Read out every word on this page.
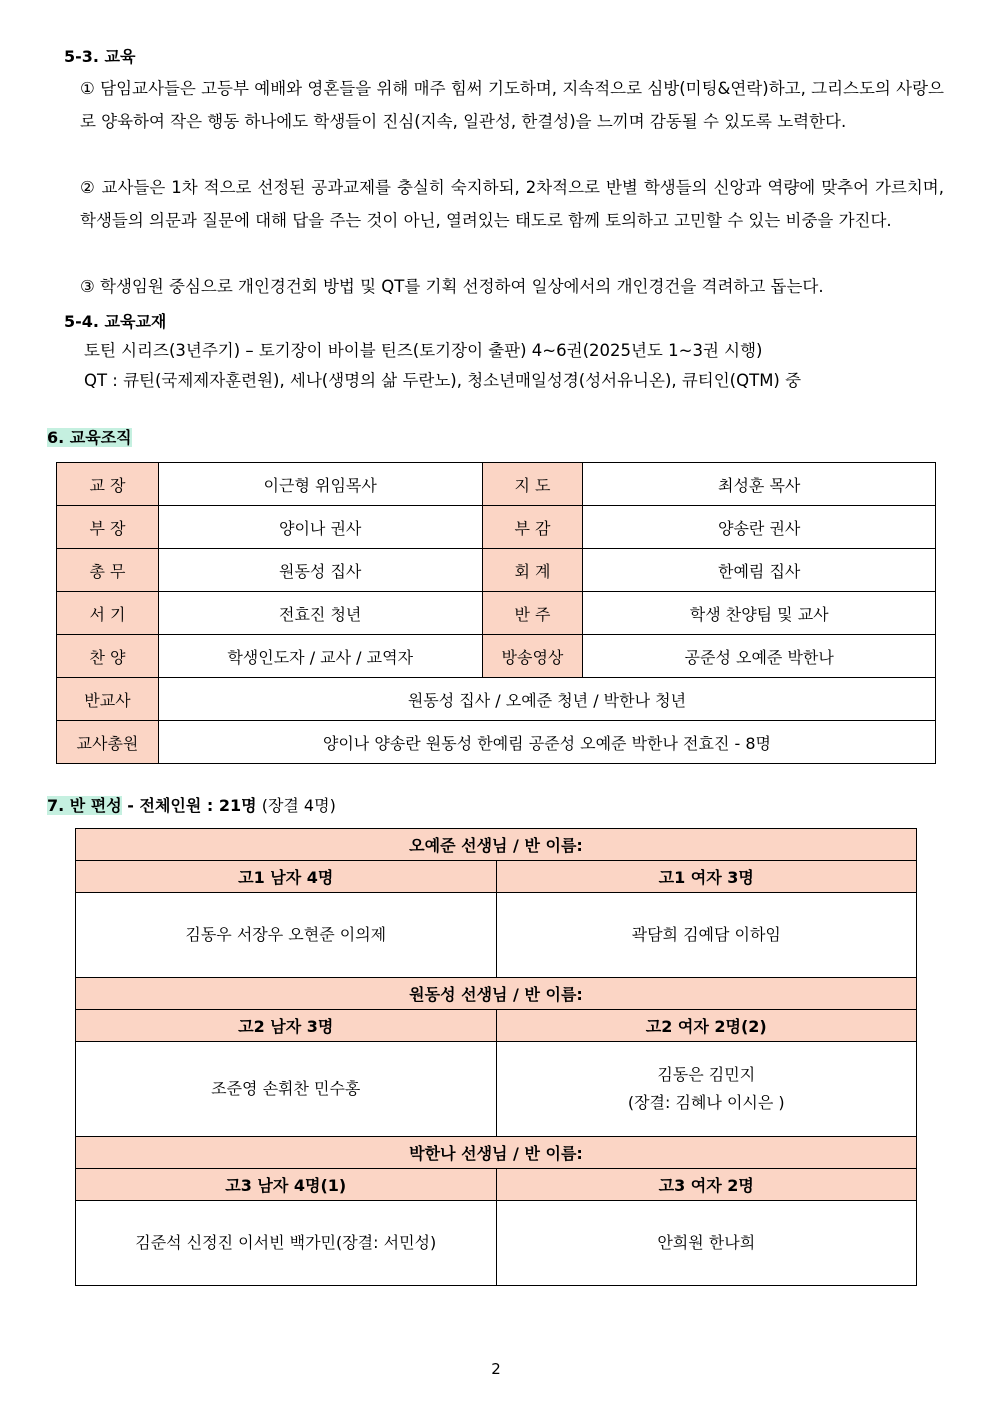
5-3. 교육
① 담임교사들은 고등부 예배와 영혼들을 위해 매주 힘써 기도하며, 지속적으로 심방(미팅&연락)하고, 그리스도의 사랑으로 양육하여 작은 행동 하나에도 학생들이 진심(지속, 일관성, 한결성)을 느끼며 감동될 수 있도록 노력한다.
② 교사들은 1차 적으로 선정된 공과교제를 충실히 숙지하되, 2차적으로 반별 학생들의 신앙과 역량에 맞추어 가르치며, 학생들의 의문과 질문에 대해 답을 주는 것이 아닌, 열려있는 태도로 함께 토의하고 고민할 수 있는 비중을 가진다.
③ 학생임원 중심으로 개인경건회 방법 및 QT를 기획 선정하여 일상에서의 개인경건을 격려하고 돕는다.
5-4. 교육교재
토틴 시리즈(3년주기) – 토기장이 바이블 틴즈(토기장이 출판) 4~6권(2025년도 1~3권 시행)
QT : 큐틴(국제제자훈련원), 세나(생명의 삶 두란노), 청소년매일성경(성서유니온), 큐티인(QTM) 중
6. 교육조직
교 장	이근형 위임목사	지 도	최성훈 목사
부 장	양이나 권사	부 감	양송란 권사
총 무	원동성 집사	회 계	한예림 집사
서 기	전효진 청년	반 주	학생 찬양팀 및 교사
찬 양	학생인도자 / 교사 / 교역자	방송영상	공준성 오예준 박한나
반교사	원동성 집사 / 오예준 청년 / 박한나 청년		
교사총원	양이나 양송란 원동성 한예림 공준성 오예준 박한나 전효진 - 8명		
7. 반 편성 - 전체인원 : 21명 (장결 4명)
오예준 선생님 / 반 이름:	
고1 남자 4명	고1 여자 3명
김동우 서장우 오현준 이의제	곽담희 김예담 이하임

원동성 선생님 / 반 이름:	
고2 남자 3명	고2 여자 2명(2)
조준영 손휘찬 민수홍	김동은 김민지
(장결: 김혜나 이시은 )

박한나 선생님 / 반 이름:	
고3 남자 4명(1)	고3 여자 2명
김준석 신정진 이서빈 백가민(장결: 서민성)	안희원 한나희
2
